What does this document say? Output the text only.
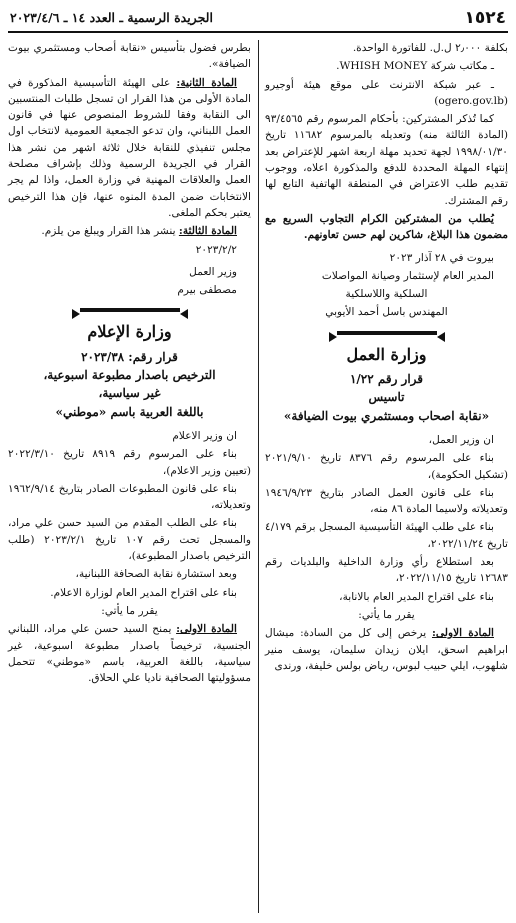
١٥٢٤
الجريدة الرسمية ـ العدد ١٤ ـ ٢٠٢٣/٤/٦

بكلفة ٢٫٠٠٠ ل.ل. للفاتورة الواحدة.

ـ مكاتب شركة WHISH MONEY.

ـ عبر شبكة الانترنت على موقع هيئة أوجيرو (ogero.gov.lb)

كما تُذكر المشتركين: بأحكام المرسوم رقم ٩٣/٤٥٦٥ (المادة الثالثة منه) وتعديله بالمرسوم ١١٦٨٢ تاريخ ١٩٩٨/٠١/٣٠ لجهة تحديد مهلة اربعة اشهر للإعتراض بعد إنتهاء المهلة المحددة للدفع والمذكورة اعلاه، ووجوب تقديم طلب الاعتراض في المنطقة الهاتفية التابع لها رقم المشترك.

يُطلب من المشتركين الكرام التجاوب السريع مع مضمون هذا البلاغ، شاكرين لهم حسن تعاونهم.

بيروت في ٢٨ آذار ٢٠٢٣

المدير العام لإستثمار وصيانة المواصلات

السلكية واللاسلكية

المهندس باسل أحمد الأيوبي

وزارة العمل
قرار رقم ١/٢٢
تاسيس
«نقابة اصحاب ومستثمري بيوت الضيافة»

ان وزير العمل،

بناء على المرسوم رقم ٨٣٧٦ تاريخ ٢٠٢١/٩/١٠ (تشكيل الحكومة)،

بناء على قانون العمل الصادر بتاريخ ١٩٤٦/٩/٢٣ وتعديلاته ولاسيما المادة ٨٦ منه،

بناء على طلب الهيئة التأسيسية المسجل برقم ٤/١٧٩ تاريخ ٢٠٢٢/١١/٢٤،

بعد استطلاع رأي وزارة الداخلية والبلديات رقم ١٢٦٨٣ تاريخ ٢٠٢٢/١١/١٥،

بناء على اقتراح المدير العام بالانابة،

يقرر ما يأتي:

المادة الاولى: يرخص إلى كل من السادة: ميشال ابراهيم اسحق، ايلان زيدان سليمان، يوسف منير شلهوب، ايلي حبيب لبوس، رياض بولس خليفة، ورندى

بطرس فضول بتأسيس «نقابة أصحاب ومستثمري بيوت الضيافة».

المادة الثانية: على الهيئة التأسيسية المذكورة في المادة الأولى من هذا القرار ان تسجل طلبات المنتسبين الى النقابة وفقا للشروط المنصوص عنها في قانون العمل اللبناني، وان تدعو الجمعية العمومية لانتخاب اول مجلس تنفيذي للنقابة خلال ثلاثة اشهر من نشر هذا القرار في الجريدة الرسمية وذلك بإشراف مصلحة العمل والعلاقات المهنية في وزارة العمل، واذا لم يجر الانتخابات ضمن المدة المنوه عنها، فإن هذا الترخيص يعتبر بحكم الملغى.

المادة الثالثة: ينشر هذا القرار ويبلغ من يلزم.

٢٠٢٣/٢/٢

وزير العمل

مصطفى بيرم

وزارة الإعلام
قرار رقم: ٢٠٢٣/٣٨
الترخيص باصدار مطبوعة اسبوعية،
غير سياسية،
باللغة العربية باسم «موطني»

ان وزير الاعلام

بناء على المرسوم رقم ٨٩١٩ تاريخ ٢٠٢٢/٣/١٠ (تعيين وزير الاعلام)،

بناء على قانون المطبوعات الصادر بتاريخ ١٩٦٢/٩/١٤ وتعديلاته،

بناء على الطلب المقدم من السيد حسن علي مراد، والمسجل تحت رقم ١٠٧ تاريخ ٢٠٢٣/٢/١ (طلب الترخيص باصدار المطبوعة)،

وبعد استشارة نقابة الصحافة اللبنانية،

بناء على اقتراح المدير العام لوزارة الاعلام.

يقرر ما يأتي:

المادة الاولى: يمنح السيد حسن علي مراد، اللبناني الجنسية، ترخيصاً باصدار مطبوعة اسبوعية، غير سياسية، باللغة العربية، باسم «موطني» تتحمل مسؤوليتها الصحافية ناديا علي الحلاق.
